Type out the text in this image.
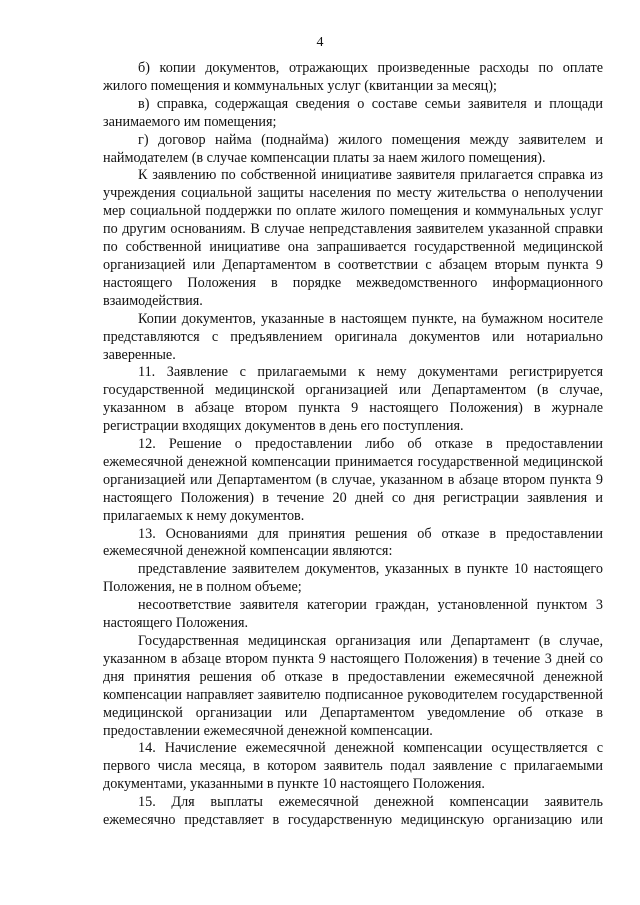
4

б) копии документов, отражающих произведенные расходы по оплате жилого помещения и коммунальных услуг (квитанции за месяц);

в) справка, содержащая сведения о составе семьи заявителя и площади занимаемого им помещения;

г) договор найма (поднайма) жилого помещения между заявителем и наймодателем (в случае компенсации платы за наем жилого помещения).

К заявлению по собственной инициативе заявителя прилагается справка из учреждения социальной защиты населения по месту жительства о неполучении мер социальной поддержки по оплате жилого помещения и коммунальных услуг по другим основаниям. В случае непредставления заявителем указанной справки по собственной инициативе она запрашивается государственной медицинской организацией или Департаментом в соответствии с абзацем вторым пункта 9 настоящего Положения в порядке межведомственного информационного взаимодействия.

Копии документов, указанные в настоящем пункте, на бумажном носителе представляются с предъявлением оригинала документов или нотариально заверенные.

11. Заявление с прилагаемыми к нему документами регистрируется государственной медицинской организацией или Департаментом (в случае, указанном в абзаце втором пункта 9 настоящего Положения) в журнале регистрации входящих документов в день его поступления.

12. Решение о предоставлении либо об отказе в предоставлении ежемесячной денежной компенсации принимается государственной медицинской организацией или Департаментом (в случае, указанном в абзаце втором пункта 9 настоящего Положения) в течение 20 дней со дня регистрации заявления и прилагаемых к нему документов.

13. Основаниями для принятия решения об отказе в предоставлении ежемесячной денежной компенсации являются:

представление заявителем документов, указанных в пункте 10 настоящего Положения, не в полном объеме;

несоответствие заявителя категории граждан, установленной пунктом 3 настоящего Положения.

Государственная медицинская организация или Департамент (в случае, указанном в абзаце втором пункта 9 настоящего Положения) в течение 3 дней со дня принятия решения об отказе в предоставлении ежемесячной денежной компенсации направляет заявителю подписанное руководителем государственной медицинской организации или Департаментом уведомление об отказе в предоставлении ежемесячной денежной компенсации.

14. Начисление ежемесячной денежной компенсации осуществляется с первого числа месяца, в котором заявитель подал заявление с прилагаемыми документами, указанными в пункте 10 настоящего Положения.

15. Для выплаты ежемесячной денежной компенсации заявитель ежемесячно представляет в государственную медицинскую организацию или
